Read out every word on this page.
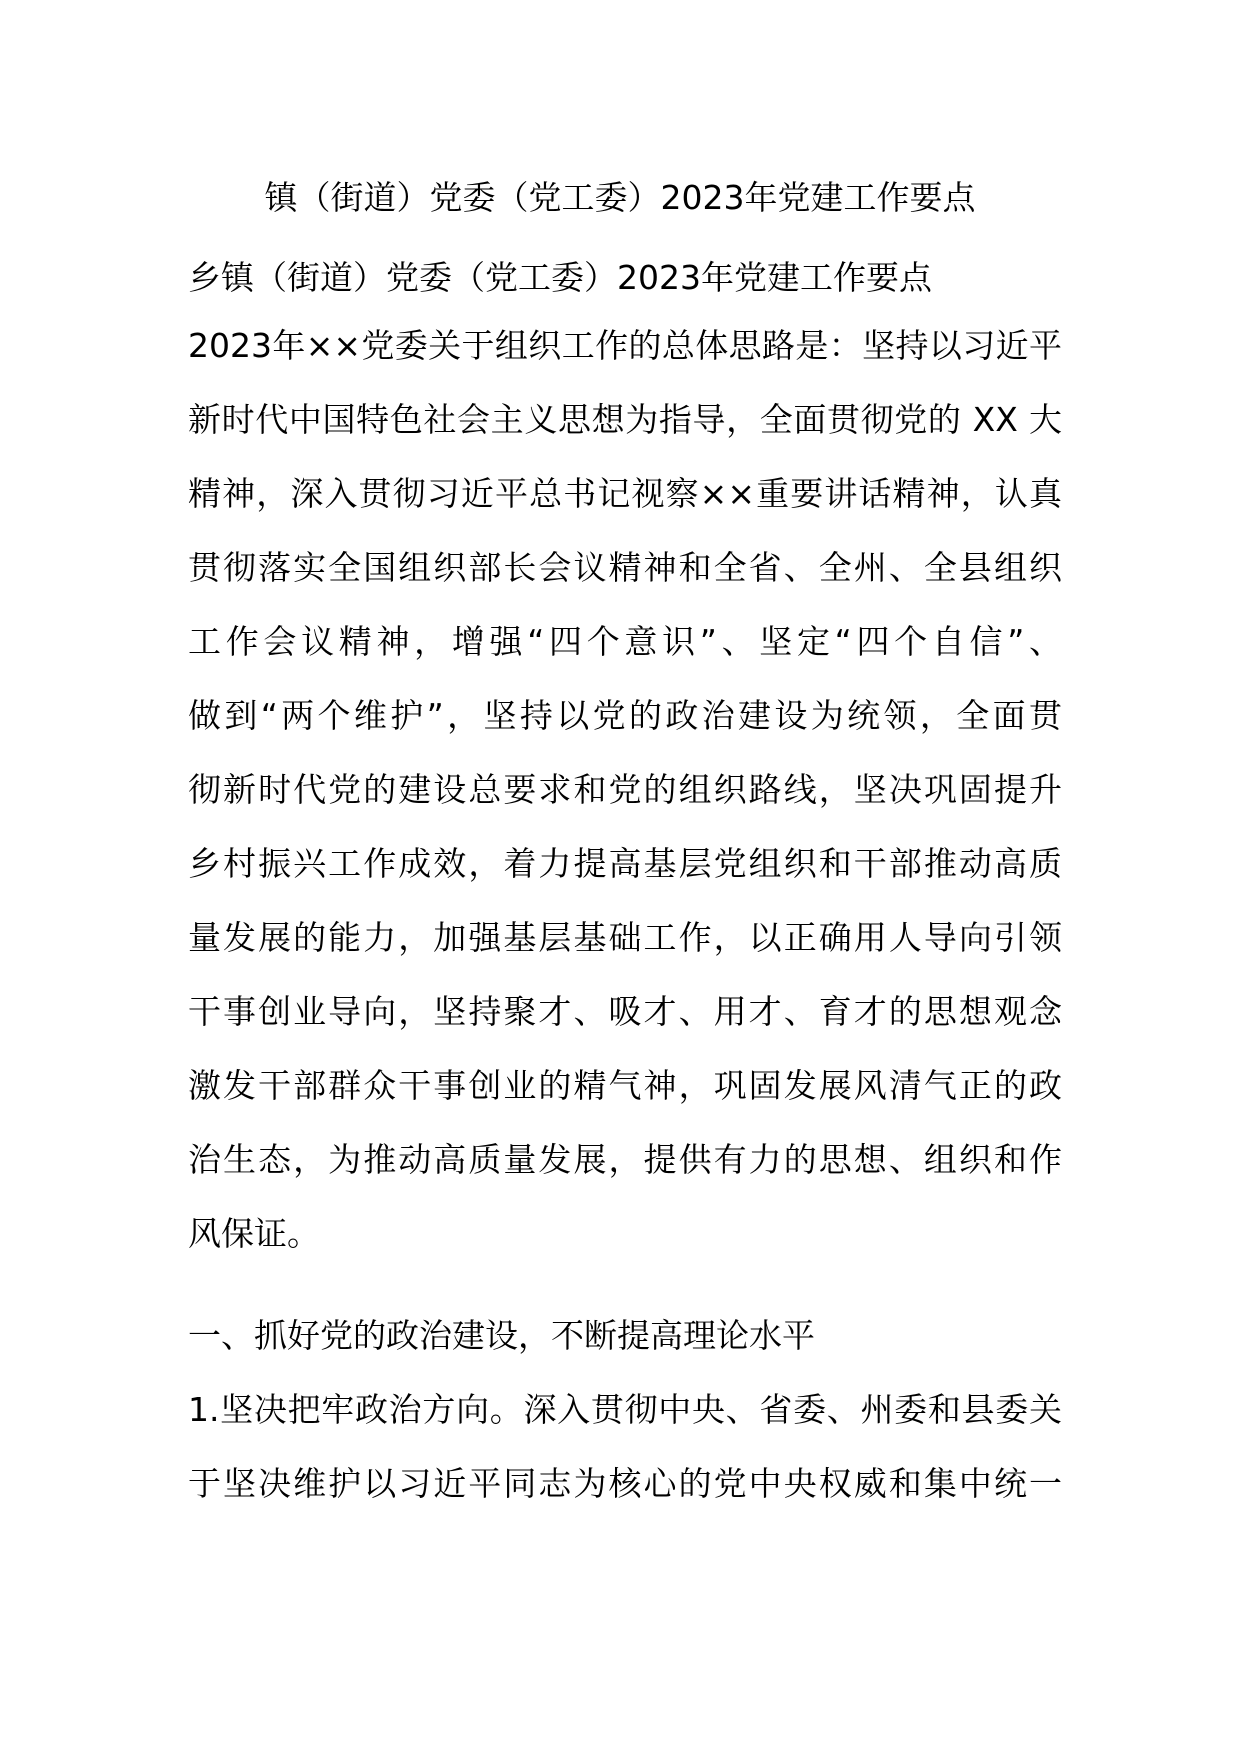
镇（街道）党委（党工委）2023年党建工作要点
乡镇（街道）党委（党工委）2023年党建工作要点
2023年××党委关于组织工作的总体思路是：坚持以习近平
新时代中国特色社会主义思想为指导，全面贯彻党的 XX 大
精神，深入贯彻习近平总书记视察××重要讲话精神，认真
贯彻落实全国组织部长会议精神和全省、全州、全县组织
工作会议精神，增强“四个意识”、坚定“四个自信”、
做到“两个维护”，坚持以党的政治建设为统领，全面贯
彻新时代党的建设总要求和党的组织路线，坚决巩固提升
乡村振兴工作成效，着力提高基层党组织和干部推动高质
量发展的能力，加强基层基础工作，以正确用人导向引领
干事创业导向，坚持聚才、吸才、用才、育才的思想观念
激发干部群众干事创业的精气神，巩固发展风清气正的政
治生态，为推动高质量发展，提供有力的思想、组织和作
风保证。
一、抓好党的政治建设，不断提高理论水平
1.坚决把牢政治方向。深入贯彻中央、省委、州委和县委关
于坚决维护以习近平同志为核心的党中央权威和集中统一
